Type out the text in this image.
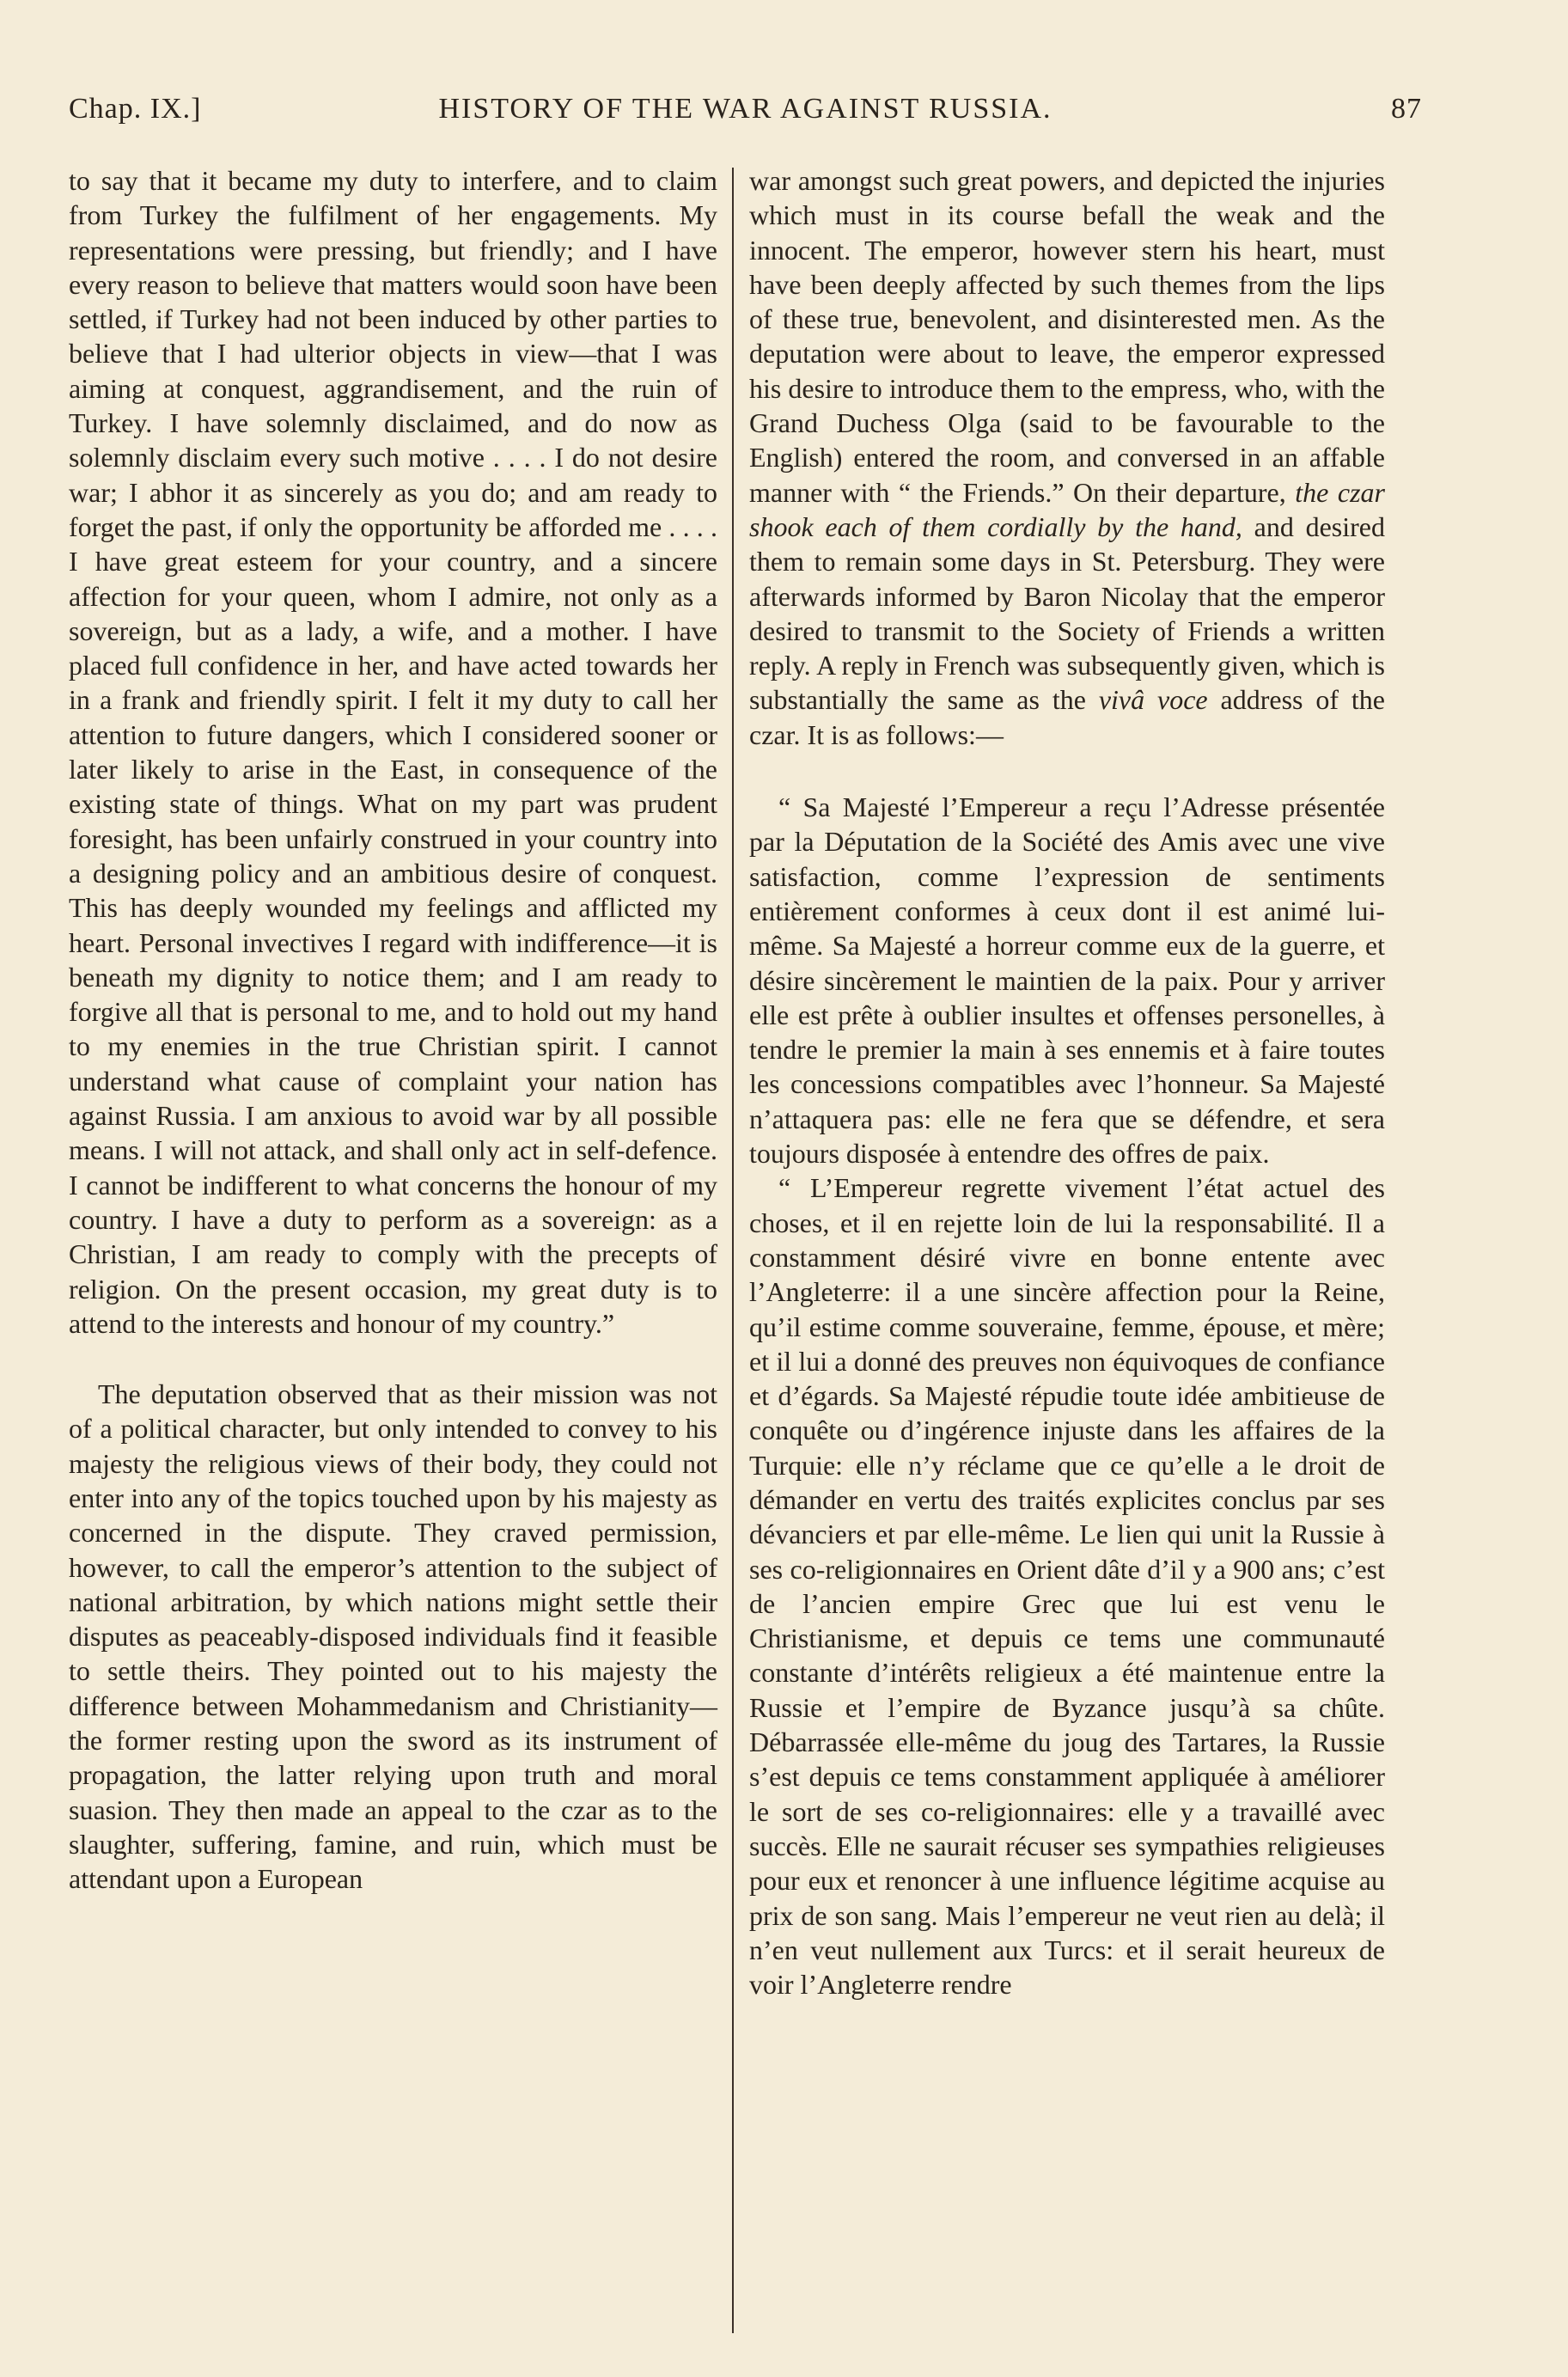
Chap. IX.]	HISTORY OF THE WAR AGAINST RUSSIA.	87

to say that it became my duty to interfere, and to claim from Turkey the fulfilment of her engagements. My representations were pressing, but friendly; and I have every reason to believe that matters would soon have been settled, if Turkey had not been induced by other parties to believe that I had ulterior objects in view—that I was aiming at conquest, aggrandisement, and the ruin of Turkey. I have solemnly disclaimed, and do now as solemnly disclaim every such motive . . . . I do not desire war; I abhor it as sincerely as you do; and am ready to forget the past, if only the opportunity be afforded me . . . . I have great esteem for your country, and a sincere affection for your queen, whom I admire, not only as a sovereign, but as a lady, a wife, and a mother. I have placed full confidence in her, and have acted towards her in a frank and friendly spirit. I felt it my duty to call her attention to future dangers, which I considered sooner or later likely to arise in the East, in consequence of the existing state of things. What on my part was prudent foresight, has been unfairly construed in your country into a designing policy and an ambitious desire of conquest. This has deeply wounded my feelings and afflicted my heart. Personal invectives I regard with indifference—it is beneath my dignity to notice them; and I am ready to forgive all that is personal to me, and to hold out my hand to my enemies in the true Christian spirit. I cannot understand what cause of complaint your nation has against Russia. I am anxious to avoid war by all possible means. I will not attack, and shall only act in self-defence. I cannot be indifferent to what concerns the honour of my country. I have a duty to perform as a sovereign: as a Christian, I am ready to comply with the precepts of religion. On the present occasion, my great duty is to attend to the interests and honour of my country.”

The deputation observed that as their mission was not of a political character, but only intended to convey to his majesty the religious views of their body, they could not enter into any of the topics touched upon by his majesty as concerned in the dispute. They craved permission, however, to call the emperor’s attention to the subject of national arbitration, by which nations might settle their disputes as peaceably-disposed individuals find it feasible to settle theirs. They pointed out to his majesty the difference between Mohammedanism and Christianity—the former resting upon the sword as its instrument of propagation, the latter relying upon truth and moral suasion. They then made an appeal to the czar as to the slaughter, suffering, famine, and ruin, which must be attendant upon a European

war amongst such great powers, and depicted the injuries which must in its course befall the weak and the innocent. The emperor, however stern his heart, must have been deeply affected by such themes from the lips of these true, benevolent, and disinterested men. As the deputation were about to leave, the emperor expressed his desire to introduce them to the empress, who, with the Grand Duchess Olga (said to be favourable to the English) entered the room, and conversed in an affable manner with “ the Friends.” On their departure, the czar shook each of them cordially by the hand, and desired them to remain some days in St. Petersburg. They were afterwards informed by Baron Nicolay that the emperor desired to transmit to the Society of Friends a written reply. A reply in French was subsequently given, which is substantially the same as the vivâ voce address of the czar. It is as follows:—

“ Sa Majesté l’Empereur a reçu l’Adresse présentée par la Députation de la Société des Amis avec une vive satisfaction, comme l’expression de sentiments entièrement conformes à ceux dont il est animé lui-même. Sa Majesté a horreur comme eux de la guerre, et désire sincèrement le maintien de la paix. Pour y arriver elle est prête à oublier insultes et offenses personelles, à tendre le premier la main à ses ennemis et à faire toutes les concessions compatibles avec l’honneur. Sa Majesté n’attaquera pas: elle ne fera que se défendre, et sera toujours disposée à entendre des offres de paix.

“ L’Empereur regrette vivement l’état actuel des choses, et il en rejette loin de lui la responsabilité. Il a constamment désiré vivre en bonne entente avec l’Angleterre: il a une sincère affection pour la Reine, qu’il estime comme souveraine, femme, épouse, et mère; et il lui a donné des preuves non équivoques de confiance et d’égards. Sa Majesté répudie toute idée ambitieuse de conquête ou d’ingérence injuste dans les affaires de la Turquie: elle n’y réclame que ce qu’elle a le droit de démander en vertu des traités explicites conclus par ses dévanciers et par elle-même. Le lien qui unit la Russie à ses co-religionnaires en Orient dâte d’il y a 900 ans; c’est de l’ancien empire Grec que lui est venu le Christianisme, et depuis ce tems une communauté constante d’intérêts religieux a été maintenue entre la Russie et l’empire de Byzance jusqu’à sa chûte. Débarrassée elle-même du joug des Tartares, la Russie s’est depuis ce tems constamment appliquée à améliorer le sort de ses co-religionnaires: elle y a travaillé avec succès. Elle ne saurait récuser ses sympathies religieuses pour eux et renoncer à une influence légitime acquise au prix de son sang. Mais l’empereur ne veut rien au delà; il n’en veut nullement aux Turcs: et il serait heureux de voir l’Angleterre rendre
